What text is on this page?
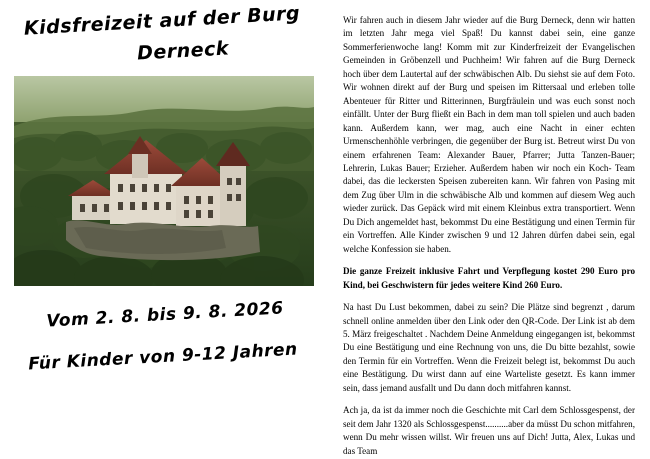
Kidsfreizeit auf der Burg
Derneck
Vom 2. 8. bis 9. 8. 2026
Für Kinder von 9-12 Jahren

Wir fahren auch in diesem Jahr wieder auf die Burg Derneck, denn wir hatten im letzten Jahr mega viel Spaß! Du kannst dabei sein, eine ganze Sommerferienwoche lang! Komm mit zur Kinderfreizeit der Evangelischen Gemeinden in Gröbenzell und Puchheim! Wir fahren auf die Burg Derneck hoch über dem Lautertal auf der schwäbischen Alb. Du siehst sie auf dem Foto. Wir wohnen direkt auf der Burg und speisen im Rittersaal und erleben tolle Abenteuer für Ritter und Ritterinnen, Burgfräulein und was euch sonst noch einfällt. Unter der Burg fließt ein Bach in dem man toll spielen und auch baden kann. Außerdem kann, wer mag, auch eine Nacht in einer echten Urmenschenhöhle verbringen, die gegenüber der Burg ist. Betreut wirst Du von einem erfahrenen Team: Alexander Bauer, Pfarrer; Jutta Tanzen-Bauer; Lehrerin, Lukas Bauer; Erzieher. Außerdem haben wir noch ein Koch- Team dabei, das die leckersten Speisen zubereiten kann. Wir fahren von Pasing mit dem Zug über Ulm in die schwäbische Alb und kommen auf diesem Weg auch wieder zurück. Das Gepäck wird mit einem Kleinbus extra transportiert. Wenn Du Dich angemeldet hast, bekommst Du eine Bestätigung und einen Termin für ein Vortreffen. Alle Kinder zwischen 9 und 12 Jahren dürfen dabei sein, egal welche Konfession sie haben.

Die ganze Freizeit inklusive Fahrt und Verpflegung kostet 290 Euro pro Kind, bei Geschwistern für jedes weitere Kind 260 Euro.

Na hast Du Lust bekommen, dabei zu sein? Die Plätze sind begrenzt , darum schnell online anmelden über den Link oder den QR-Code. Der Link ist ab dem 5. März freigeschaltet . Nachdem Deine Anmeldung eingegangen ist, bekommst Du eine Bestätigung und eine Rechnung von uns, die Du bitte bezahlst, sowie den Termin für ein Vortreffen. Wenn die Freizeit belegt ist, bekommst Du auch eine Bestätigung. Du wirst dann auf eine Warteliste gesetzt. Es kann immer sein, dass jemand ausfallt und Du dann doch mitfahren kannst.

Ach ja, da ist da immer noch die Geschichte mit Carl dem Schlossgespenst, der seit dem Jahr 1320 als Schlossgespenst..........aber da müsst Du schon mitfahren, wenn Du mehr wissen willst. Wir freuen uns auf Dich! Jutta, Alex, Lukas und das Team
